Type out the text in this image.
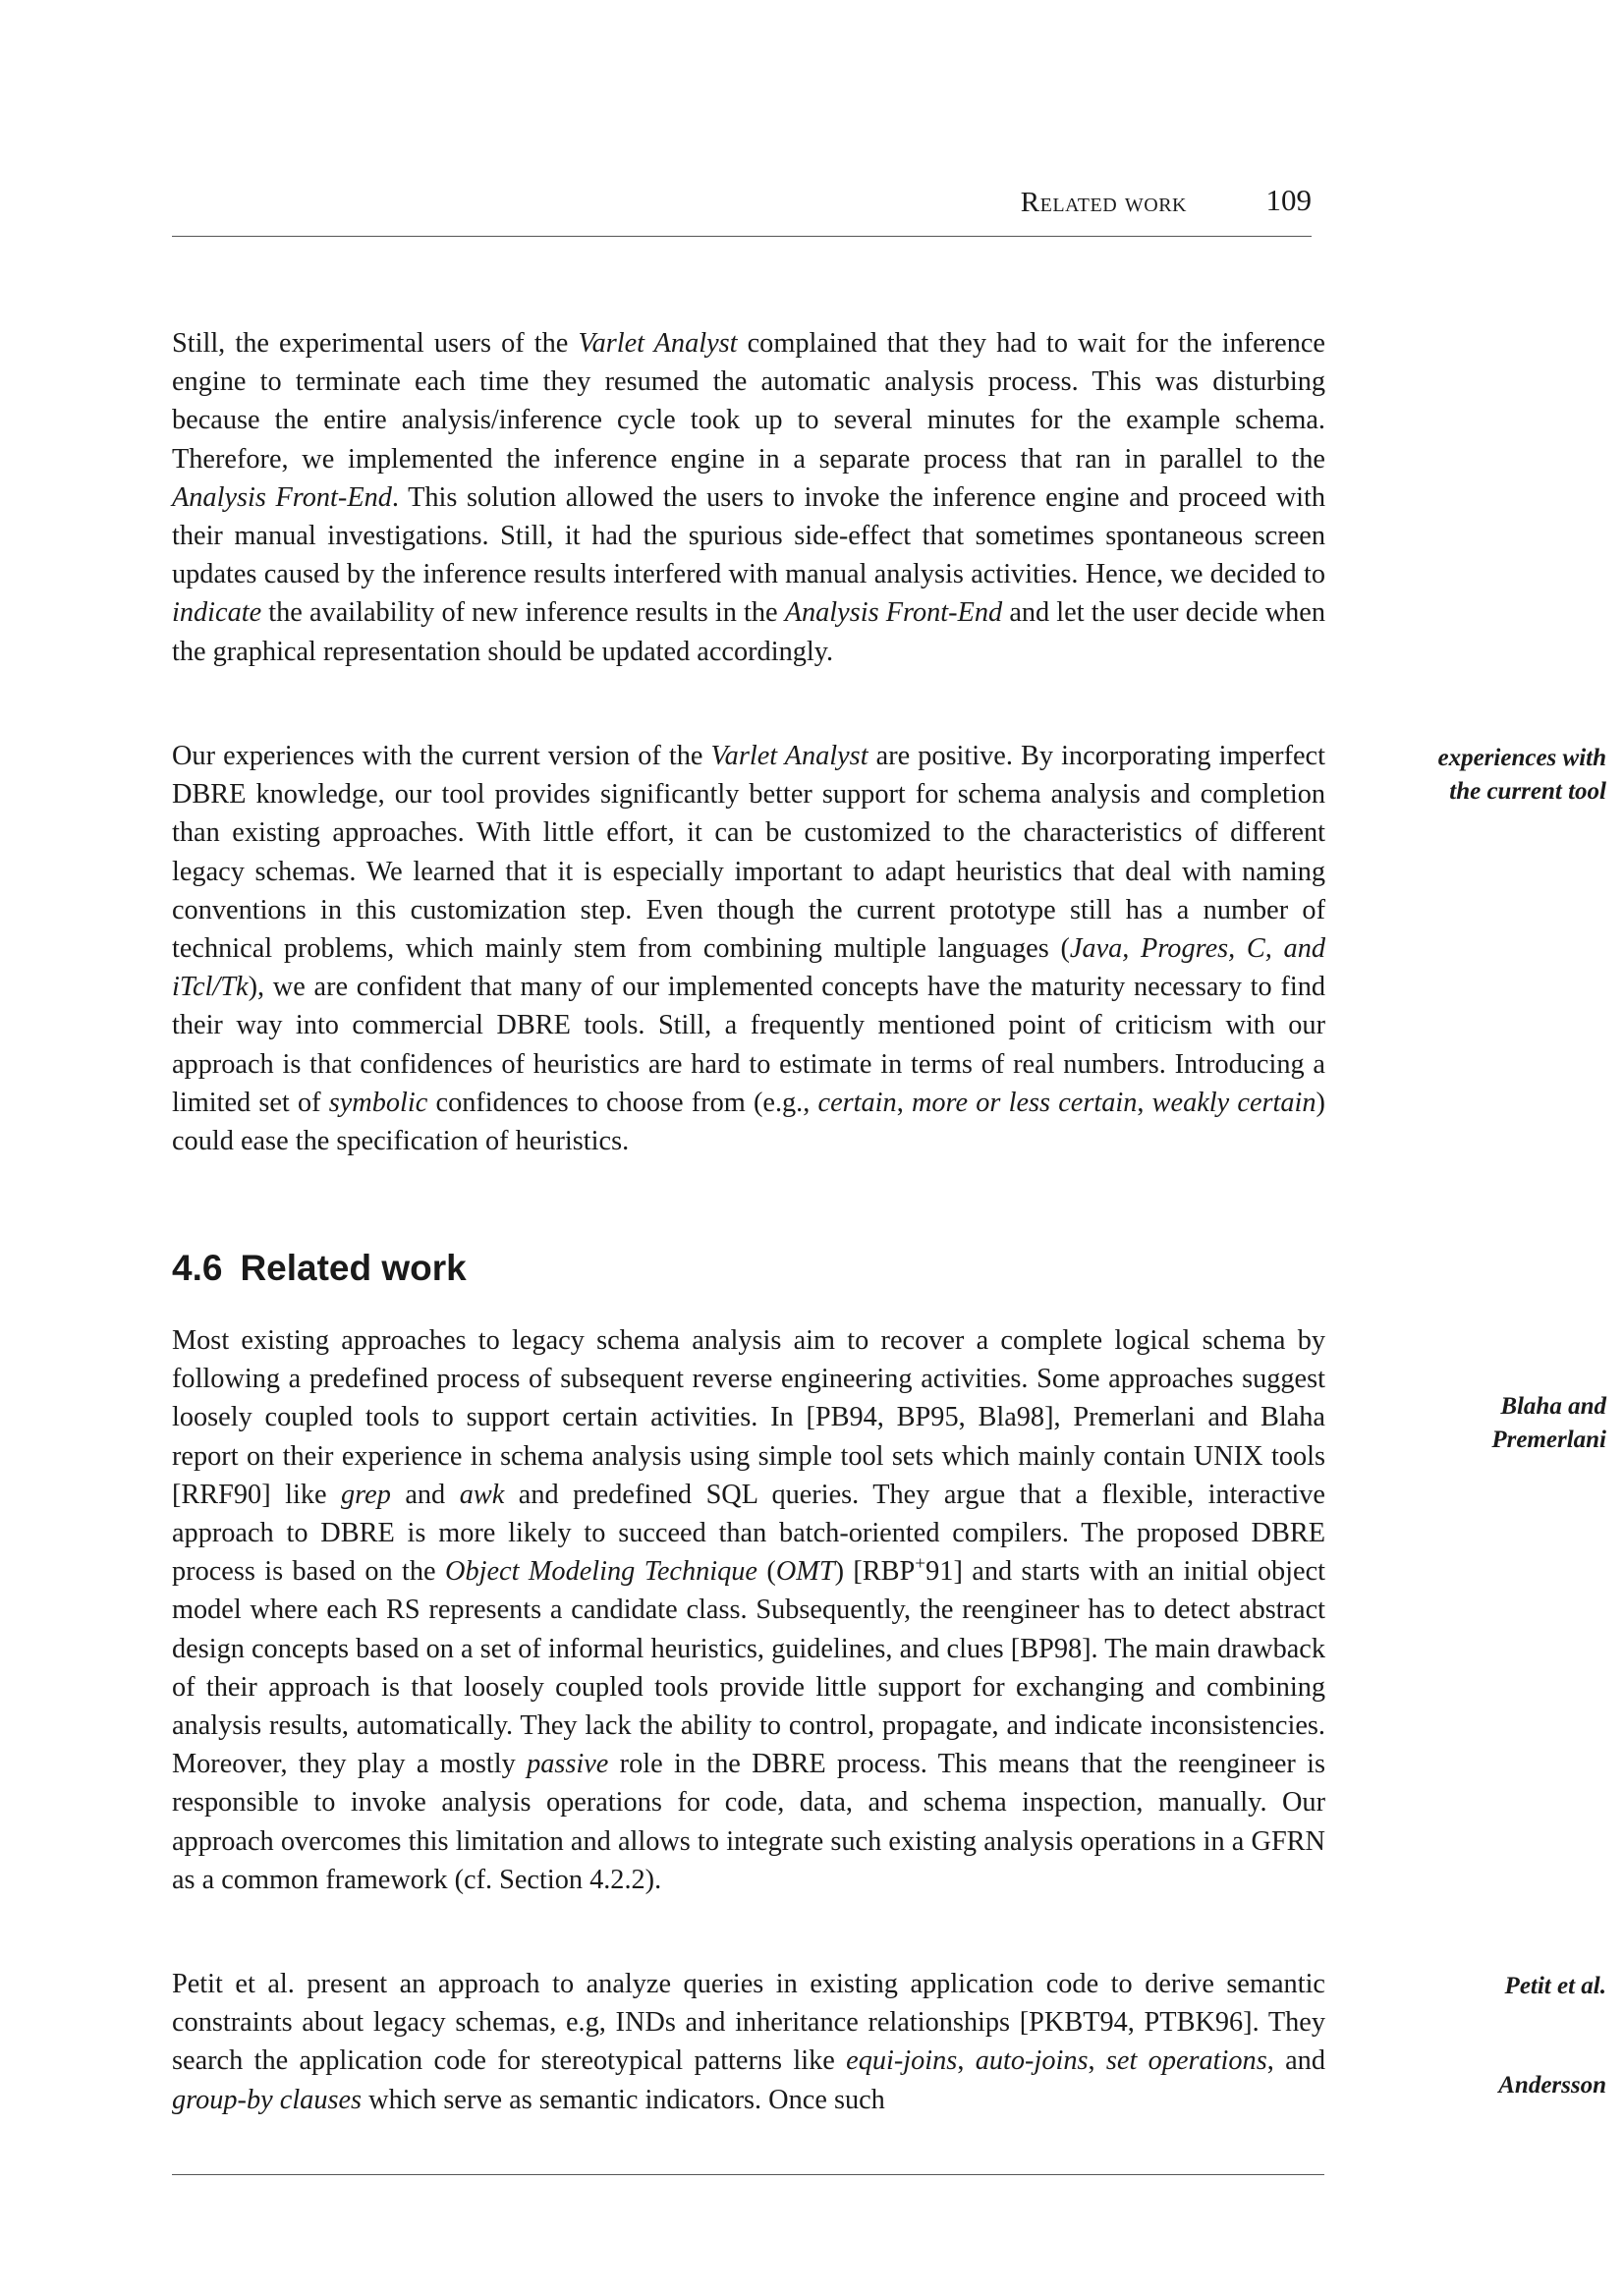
Related work	109

Still, the experimental users of the Varlet Analyst complained that they had to wait for the inference engine to terminate each time they resumed the automatic analysis process. This was disturbing because the entire analysis/inference cycle took up to several minutes for the example schema. Therefore, we implemented the inference engine in a separate process that ran in parallel to the Analysis Front-End. This solution allowed the users to invoke the inference engine and proceed with their manual investigations. Still, it had the spurious side-effect that sometimes spontaneous screen updates caused by the inference results interfered with manual analysis activities. Hence, we decided to indicate the availability of new inference results in the Analysis Front-End and let the user decide when the graphical representation should be updated accordingly.

Our experiences with the current version of the Varlet Analyst are positive. By incorporating imperfect DBRE knowledge, our tool provides significantly better support for schema analysis and completion than existing approaches. With little effort, it can be customized to the characteristics of different legacy schemas. We learned that it is especially important to adapt heuristics that deal with naming conventions in this customization step. Even though the current prototype still has a number of technical problems, which mainly stem from combining multiple languages (Java, Progres, C, and iTcl/Tk), we are confident that many of our implemented concepts have the maturity necessary to find their way into commercial DBRE tools. Still, a frequently mentioned point of criticism with our approach is that confidences of heuristics are hard to estimate in terms of real numbers. Introducing a limited set of symbolic confidences to choose from (e.g., certain, more or less certain, weakly certain) could ease the specification of heuristics.

4.6 Related work

Most existing approaches to legacy schema analysis aim to recover a complete logical schema by following a predefined process of subsequent reverse engineering activities. Some approaches suggest loosely coupled tools to support certain activities. In [PB94, BP95, Bla98], Premerlani and Blaha report on their experience in schema analysis using simple tool sets which mainly contain UNIX tools [RRF90] like grep and awk and predefined SQL queries. They argue that a flexible, interactive approach to DBRE is more likely to succeed than batch-oriented compilers. The proposed DBRE process is based on the Object Modeling Technique (OMT) [RBP+91] and starts with an initial object model where each RS represents a candidate class. Subsequently, the reengineer has to detect abstract design concepts based on a set of informal heuristics, guidelines, and clues [BP98]. The main drawback of their approach is that loosely coupled tools provide little support for exchanging and combining analysis results, automatically. They lack the ability to control, propagate, and indicate inconsistencies. Moreover, they play a mostly passive role in the DBRE process. This means that the reengineer is responsible to invoke analysis operations for code, data, and schema inspection, manually. Our approach overcomes this limitation and allows to integrate such existing analysis operations in a GFRN as a common framework (cf. Section 4.2.2).

Petit et al. present an approach to analyze queries in existing application code to derive semantic constraints about legacy schemas, e.g, INDs and inheritance relationships [PKBT94, PTBK96]. They search the application code for stereotypical patterns like equi-joins, auto-joins, set operations, and group-by clauses which serve as semantic indicators. Once such

experiences with
the current tool
Blaha and
Premerlani
Petit et al.
Andersson
